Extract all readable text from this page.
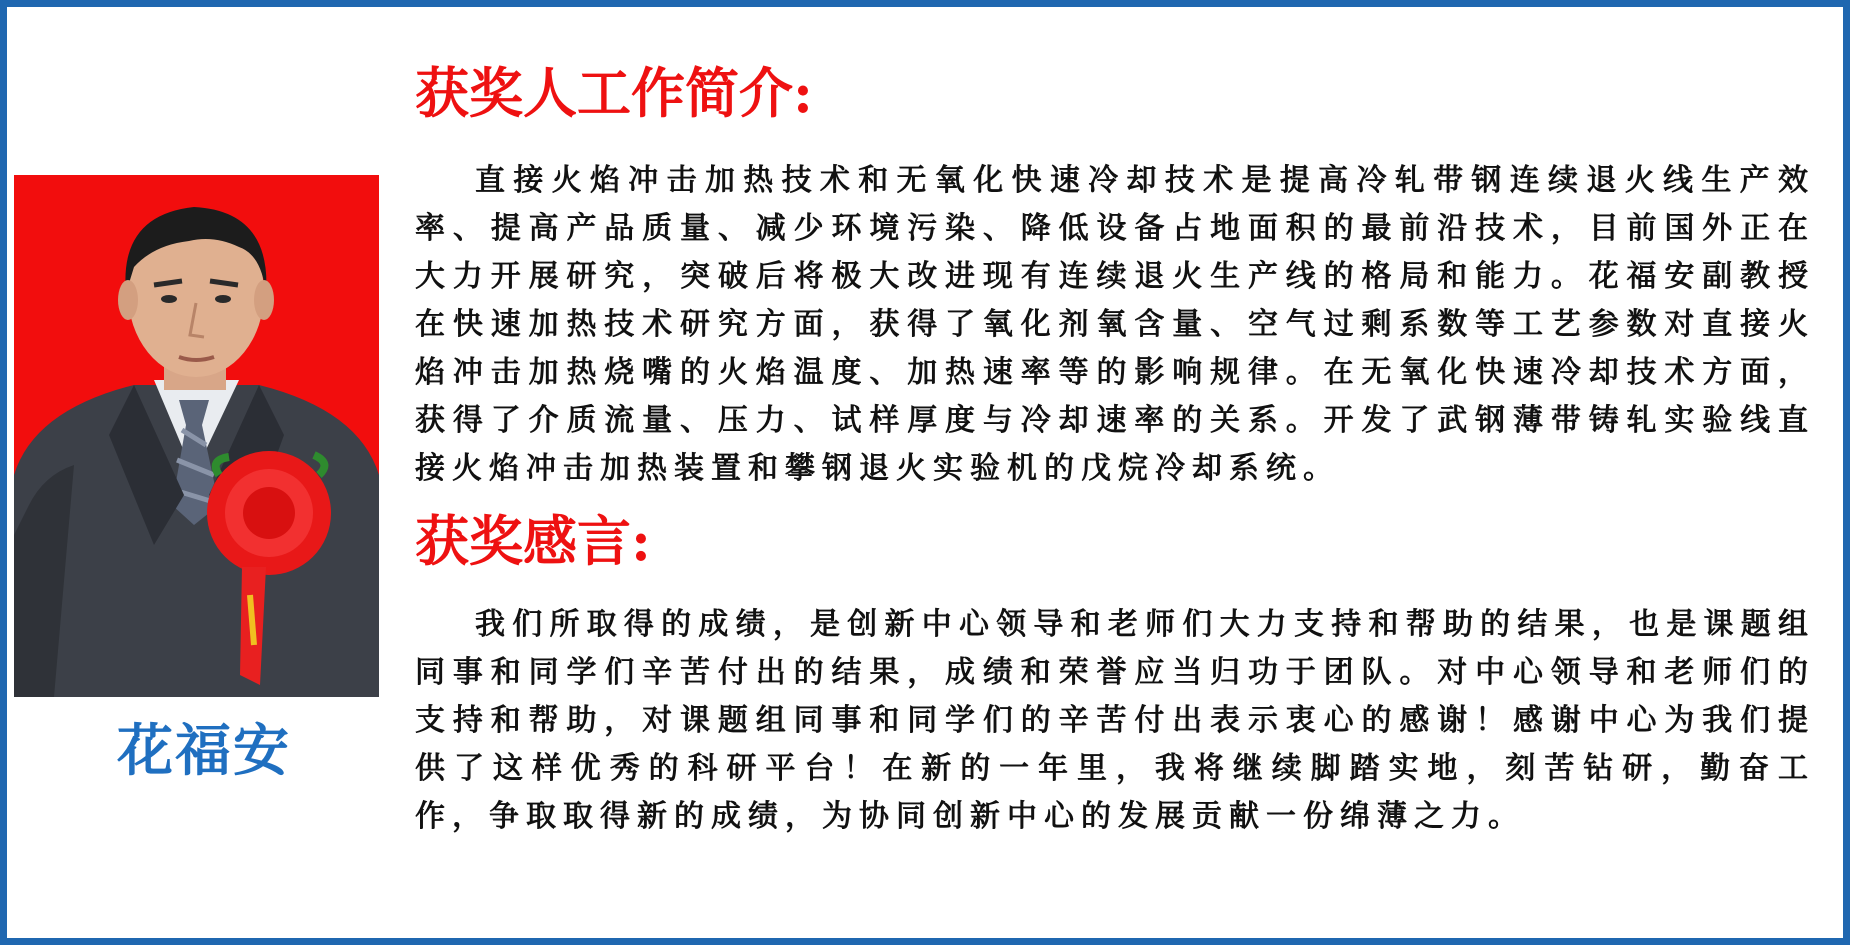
花福安
获奖人工作简介:

直接火焰冲击加热技术和无氧化快速冷却技术是提高冷轧带钢连续退火线生产效率、提高产品质量、减少环境污染、降低设备占地面积的最前沿技术，目前国外正在大力开展研究，突破后将极大改进现有连续退火生产线的格局和能力。花福安副教授在快速加热技术研究方面，获得了氧化剂氧含量、空气过剩系数等工艺参数对直接火焰冲击加热烧嘴的火焰温度、加热速率等的影响规律。在无氧化快速冷却技术方面，获得了介质流量、压力、试样厚度与冷却速率的关系。开发了武钢薄带铸轧实验线直接火焰冲击加热装置和攀钢退火实验机的戊烷冷却系统。

获奖感言:

我们所取得的成绩，是创新中心领导和老师们大力支持和帮助的结果，也是课题组同事和同学们辛苦付出的结果，成绩和荣誉应当归功于团队。对中心领导和老师们的支持和帮助，对课题组同事和同学们的辛苦付出表示衷心的感谢！感谢中心为我们提供了这样优秀的科研平台！在新的一年里，我将继续脚踏实地，刻苦钻研，勤奋工作，争取取得新的成绩，为协同创新中心的发展贡献一份绵薄之力。
